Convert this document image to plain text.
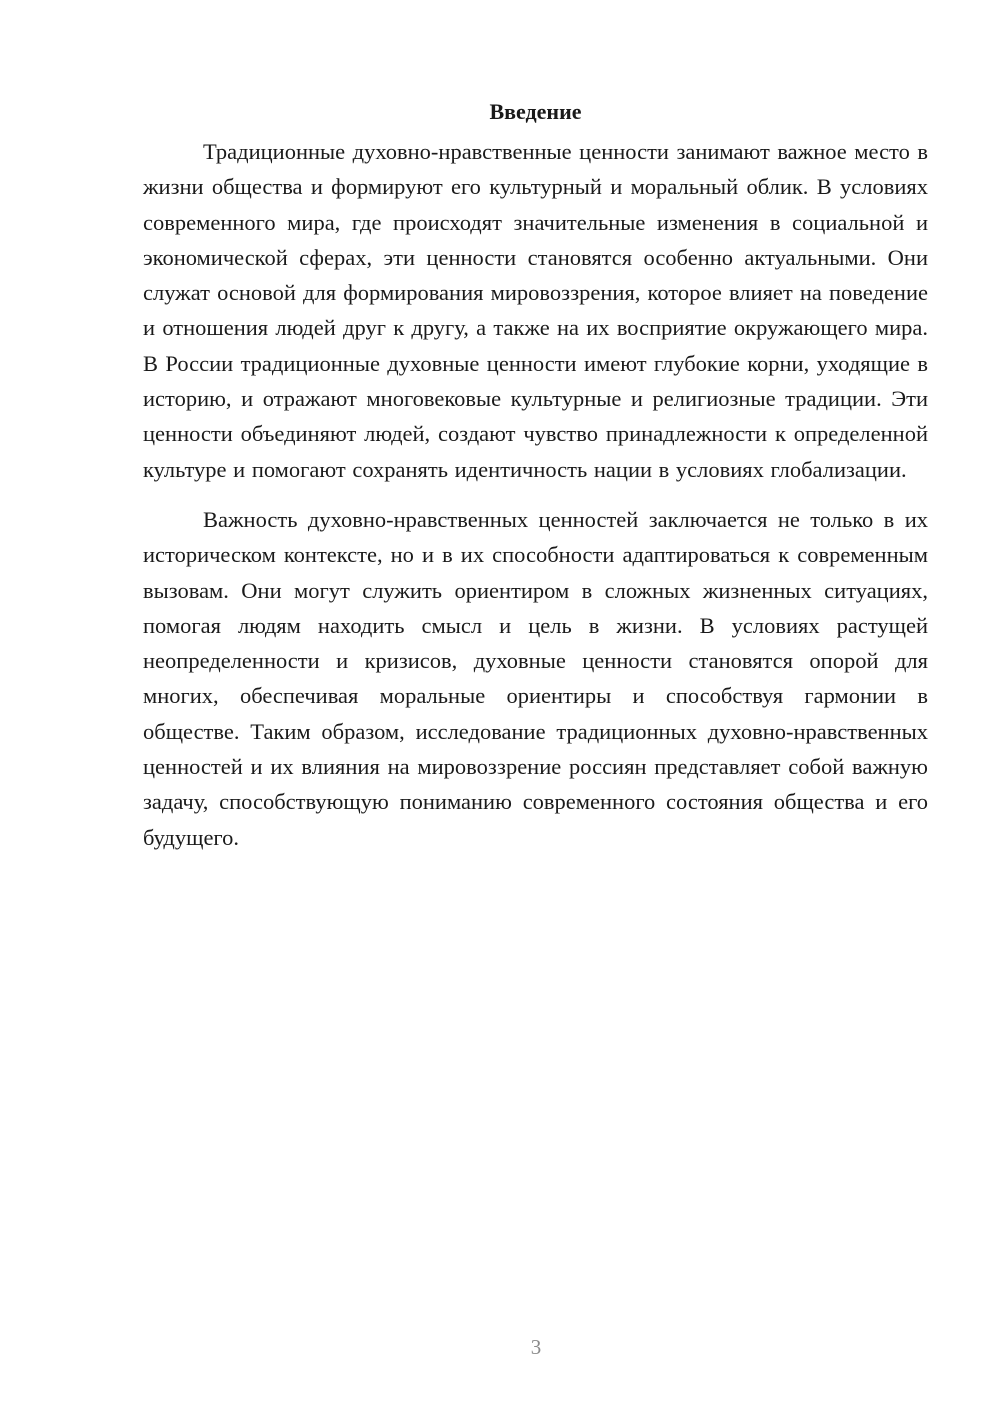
Введение

Традиционные духовно-нравственные ценности занимают важное место в жизни общества и формируют его культурный и моральный облик. В условиях современного мира, где происходят значительные изменения в социальной и экономической сферах, эти ценности становятся особенно актуальными. Они служат основой для формирования мировоззрения, которое влияет на поведение и отношения людей друг к другу, а также на их восприятие окружающего мира. В России традиционные духовные ценности имеют глубокие корни, уходящие в историю, и отражают многовековые культурные и религиозные традиции. Эти ценности объединяют людей, создают чувство принадлежности к определенной культуре и помогают сохранять идентичность нации в условиях глобализации.

Важность духовно-нравственных ценностей заключается не только в их историческом контексте, но и в их способности адаптироваться к современным вызовам. Они могут служить ориентиром в сложных жизненных ситуациях, помогая людям находить смысл и цель в жизни. В условиях растущей неопределенности и кризисов, духовные ценности становятся опорой для многих, обеспечивая моральные ориентиры и способствуя гармонии в обществе. Таким образом, исследование традиционных духовно-нравственных ценностей и их влияния на мировоззрение россиян представляет собой важную задачу, способствующую пониманию современного состояния общества и его будущего.

3
